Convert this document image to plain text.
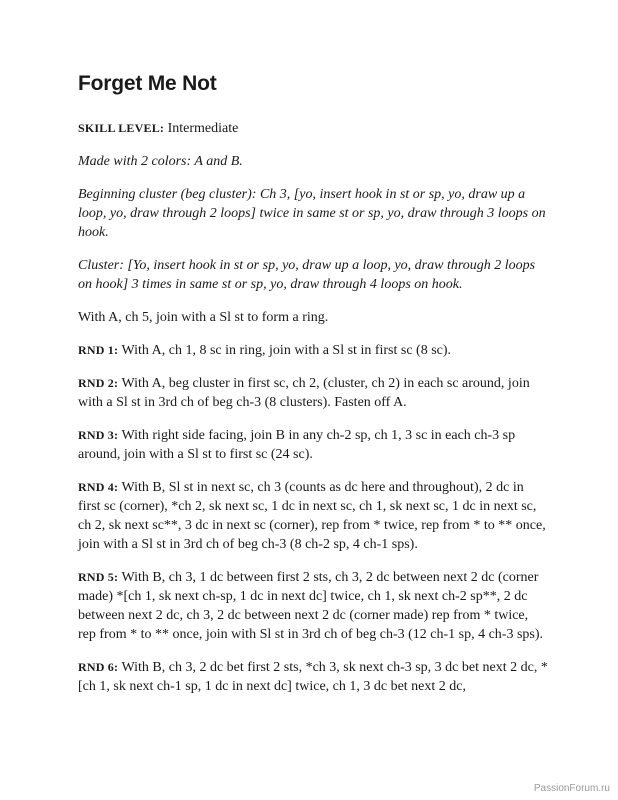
Forget Me Not

SKILL LEVEL: Intermediate

Made with 2 colors: A and B.

Beginning cluster (beg cluster): Ch 3, [yo, insert hook in st or sp, yo, draw up a loop, yo, draw through 2 loops] twice in same st or sp, yo, draw through 3 loops on hook.

Cluster: [Yo, insert hook in st or sp, yo, draw up a loop, yo, draw through 2 loops on hook] 3 times in same st or sp, yo, draw through 4 loops on hook.

With A, ch 5, join with a Sl st to form a ring.

RND 1: With A, ch 1, 8 sc in ring, join with a Sl st in first sc (8 sc).

RND 2: With A, beg cluster in first sc, ch 2, (cluster, ch 2) in each sc around, join with a Sl st in 3rd ch of beg ch-3 (8 clusters). Fasten off A.

RND 3: With right side facing, join B in any ch-2 sp, ch 1, 3 sc in each ch-3 sp around, join with a Sl st to first sc (24 sc).

RND 4: With B, Sl st in next sc, ch 3 (counts as dc here and throughout), 2 dc in first sc (corner), *ch 2, sk next sc, 1 dc in next sc, ch 1, sk next sc, 1 dc in next sc, ch 2, sk next sc**, 3 dc in next sc (corner), rep from * twice, rep from * to ** once, join with a Sl st in 3rd ch of beg ch-3 (8 ch-2 sp, 4 ch-1 sps).

RND 5: With B, ch 3, 1 dc between first 2 sts, ch 3, 2 dc between next 2 dc (corner made) *[ch 1, sk next ch-sp, 1 dc in next dc] twice, ch 1, sk next ch-2 sp**, 2 dc between next 2 dc, ch 3, 2 dc between next 2 dc (corner made) rep from * twice, rep from * to ** once, join with Sl st in 3rd ch of beg ch-3 (12 ch-1 sp, 4 ch-3 sps).

RND 6: With B, ch 3, 2 dc bet first 2 sts, *ch 3, sk next ch-3 sp, 3 dc bet next 2 dc, *[ch 1, sk next ch-1 sp, 1 dc in next dc] twice, ch 1, 3 dc bet next 2 dc,

PassionForum.ru
